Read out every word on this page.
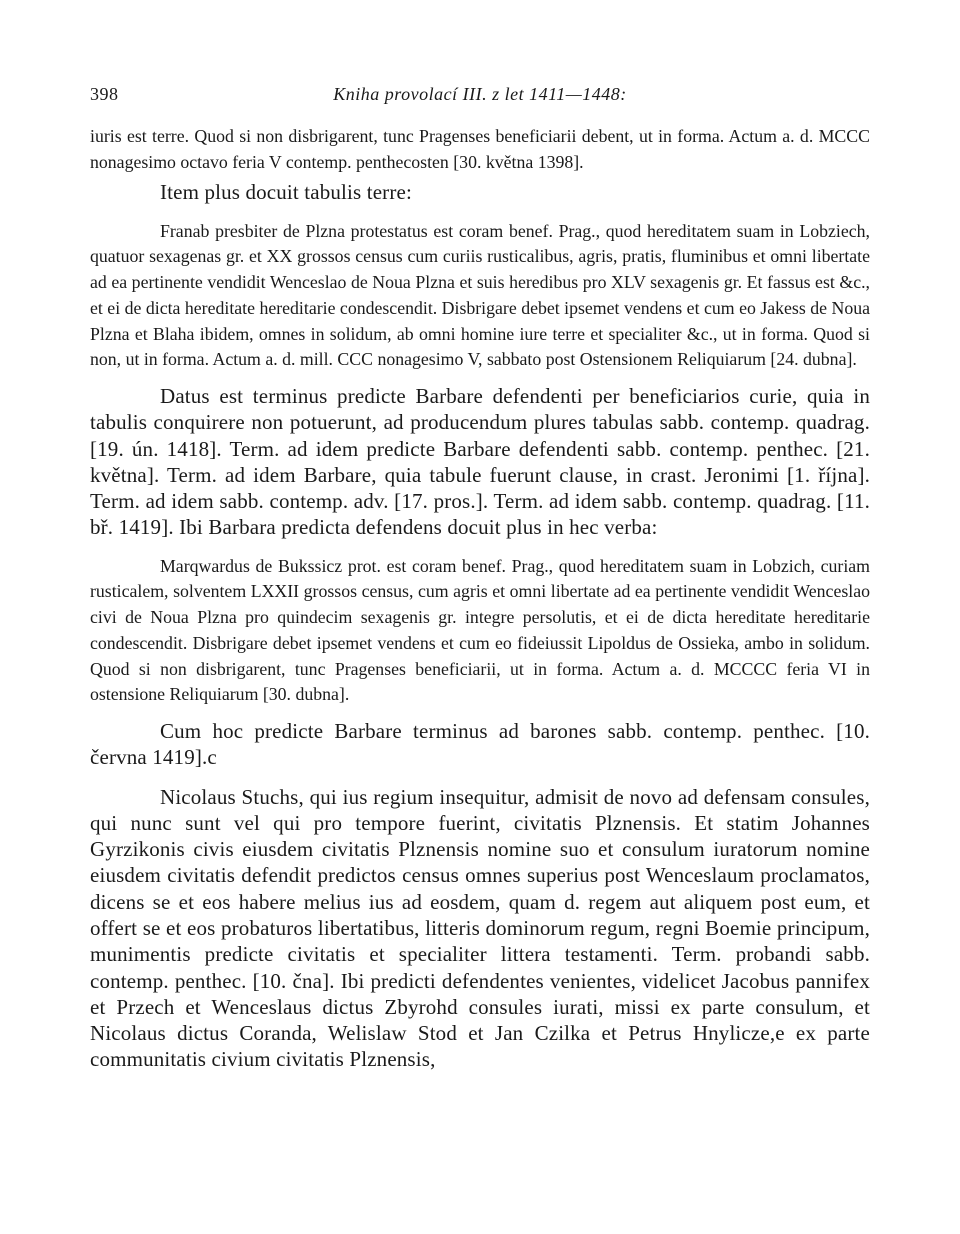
398	Kniha provolací III. z let 1411—1448:

iuris est terre. Quod si non disbrigarent, tunc Pragenses beneficiarii debent, ut in forma. Actum a. d. MCCC nonagesimo octavo feria V contemp. penthecosten [30. května 1398].

Item plus docuit tabulis terre:

Franab presbiter de Plzna protestatus est coram benef. Prag., quod hereditatem suam in Lobziech, quatuor sexagenas gr. et XX grossos census cum curiis rusticalibus, agris, pratis, fluminibus et omni libertate ad ea pertinente vendidit Wenceslao de Noua Plzna et suis heredibus pro XLV sexagenis gr. Et fassus est &c., et ei de dicta hereditate hereditarie condescendit. Disbrigare debet ipsemet vendens et cum eo Jakess de Noua Plzna et Blaha ibidem, omnes in solidum, ab omni homine iure terre et specialiter &c., ut in forma. Quod si non, ut in forma. Actum a. d. mill. CCC nonagesimo V, sabbato post Ostensionem Reliquiarum [24. dubna].

Datus est terminus predicte Barbare defendenti per beneficiarios curie, quia in tabulis conquirere non potuerunt, ad producendum plures tabulas sabb. contemp. quadrag. [19. ún. 1418]. Term. ad idem predicte Barbare defendenti sabb. contemp. penthec. [21. května]. Term. ad idem Barbare, quia tabule fuerunt clause, in crast. Jeronimi [1. října]. Term. ad idem sabb. contemp. adv. [17. pros.]. Term. ad idem sabb. contemp. quadrag. [11. bř. 1419]. Ibi Barbara predicta defendens docuit plus in hec verba:

Marqwardus de Bukssicz prot. est coram benef. Prag., quod hereditatem suam in Lobzich, curiam rusticalem, solventem LXXII grossos census, cum agris et omni libertate ad ea pertinente vendidit Wenceslao civi de Noua Plzna pro quindecim sexagenis gr. integre persolutis, et ei de dicta hereditate hereditarie condescendit. Disbrigare debet ipsemet vendens et cum eo fideiussit Lipoldus de Ossieka, ambo in solidum. Quod si non disbrigarent, tunc Pragenses beneficiarii, ut in forma. Actum a. d. MCCCC feria VI in ostensione Reliquiarum [30. dubna].

Cum hoc predicte Barbare terminus ad barones sabb. contemp. penthec. [10. června 1419].c

Nicolaus Stuchs, qui ius regium insequitur, admisit de novo ad defensam consules, qui nunc sunt vel qui pro tempore fuerint, civitatis Plznensis. Et statim Johannes Gyrzikonis civis eiusdem civitatis Plznensis nomine suo et consulum iuratorum nomine eiusdem civitatis defendit predictos census omnes superius post Wenceslaum proclamatos, dicens se et eos habere melius ius ad eosdem, quam d. regem aut aliquem post eum, et offert se et eos probaturos libertatibus, litteris dominorum regum, regni Boemie principum, munimentis predicte civitatis et specialiter littera testamenti. Term. probandi sabb. contemp. penthec. [10. čna]. Ibi predicti defendentes venientes, videlicet Jacobus pannifex et Przech et Wenceslaus dictus Zbyrohd consules iurati, missi ex parte consulum, et Nicolaus dictus Coranda, Welislaw Stod et Jan Czilka et Petrus Hnylicze,e ex parte communitatis civium civitatis Plznensis,
